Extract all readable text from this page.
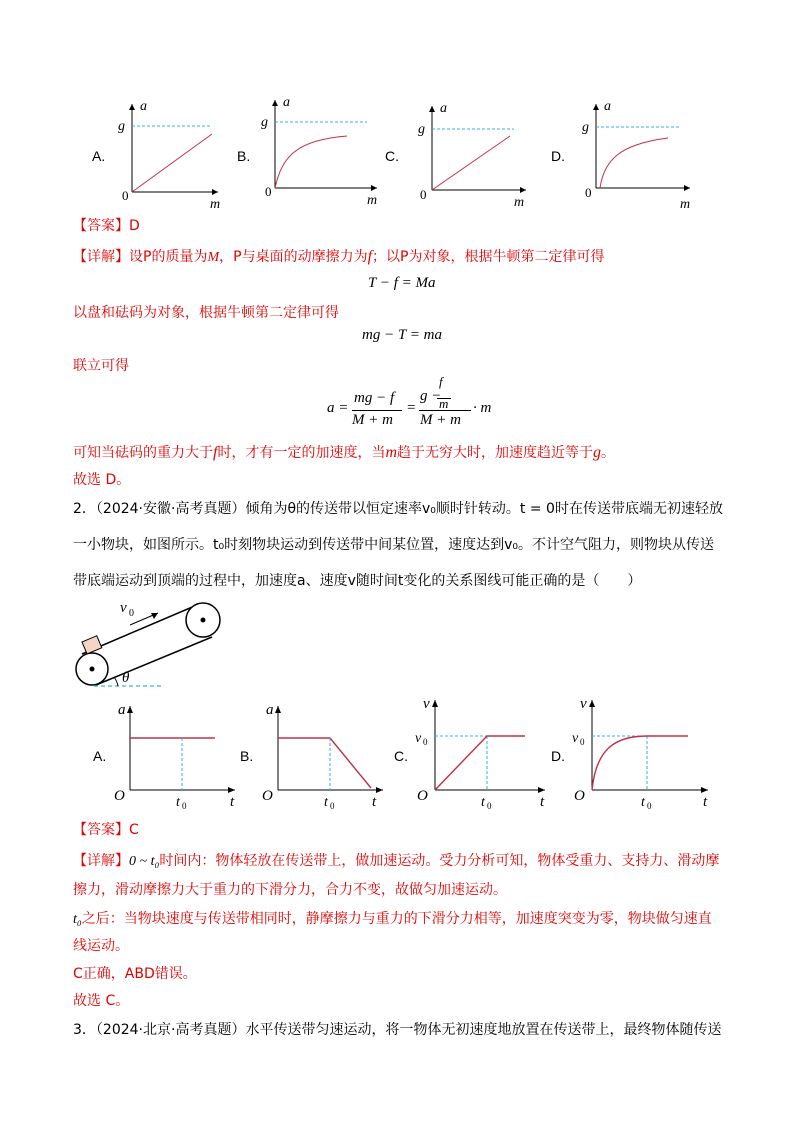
A.
g
a
0
m
B.
g
a
0
m
C.
g
a
0
m
D.
g
a
0
m
【答案】D
【详解】设P的质量为M，P与桌面的动摩擦力为f；以P为对象，根据牛顿第二定律可得
T − f = Ma
以盘和砝码为对象，根据牛顿第二定律可得
mg − T = ma
联立可得
a =
mg − f
M + m
=
f
g −
m
M + m
· m
可知当砝码的重力大于f时，才有一定的加速度，当m趋于无穷大时，加速度趋近等于g。
故选 D。
2．（2024·安徽·高考真题）倾角为θ的传送带以恒定速率v₀顺时针转动。t = 0时在传送带底端无初速轻放
一小物块，如图所示。t₀时刻物块运动到传送带中间某位置，速度达到v₀。不计空气阻力，则物块从传送
带底端运动到顶端的过程中，加速度a、速度v随时间t变化的关系图线可能正确的是（　　）
v 0
θ
A.
a
O	t 0	t
B.
a
O	t 0	t
C.
v
v 0
O	t 0	t
D.
v
v 0
O	t 0	t
【答案】C
【详解】0 ~ t₀时间内：物体轻放在传送带上，做加速运动。受力分析可知，物体受重力、支持力、滑动摩
擦力，滑动摩擦力大于重力的下滑分力，合力不变，故做匀加速运动。
t₀之后：当物块速度与传送带相同时，静摩擦力与重力的下滑分力相等，加速度突变为零，物块做匀速直
线运动。
C正确，ABD错误。
故选 C。
3．（2024·北京·高考真题）水平传送带匀速运动，将一物体无初速度地放置在传送带上，最终物体随传送
